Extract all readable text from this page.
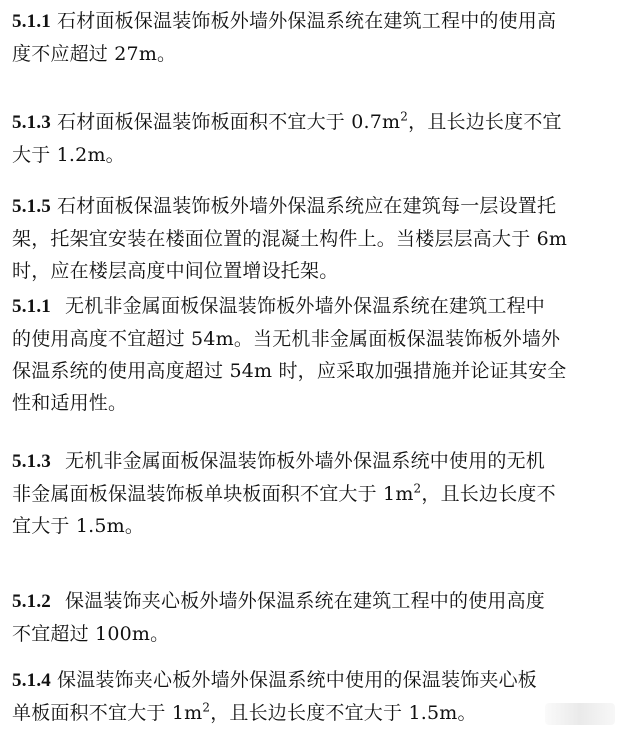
5.1.1 石材面板保温装饰板外墙外保温系统在建筑工程中的使用高
度不应超过 27m。
5.1.3 石材面板保温装饰板面积不宜大于 $0.7m^2$，且长边长度不宜
大于 1.2m。
5.1.5 石材面板保温装饰板外墙外保温系统应在建筑每一层设置托
架，托架宜安装在楼面位置的混凝土构件上。当楼层层高大于 6m
时，应在楼层高度中间位置增设托架。
5.1.1 无机非金属面板保温装饰板外墙外保温系统在建筑工程中
的使用高度不宜超过 54m。当无机非金属面板保温装饰板外墙外
保温系统的使用高度超过 54m 时，应采取加强措施并论证其安全
性和适用性。
5.1.3 无机非金属面板保温装饰板外墙外保温系统中使用的无机
非金属面板保温装饰板单块板面积不宜大于 $1m^2$，且长边长度不
宜大于 1.5m。
5.1.2 保温装饰夹心板外墙外保温系统在建筑工程中的使用高度
不宜超过 100m。
5.1.4 保温装饰夹心板外墙外保温系统中使用的保温装饰夹心板
单板面积不宜大于 $1m^2$，且长边长度不宜大于 1.5m。
